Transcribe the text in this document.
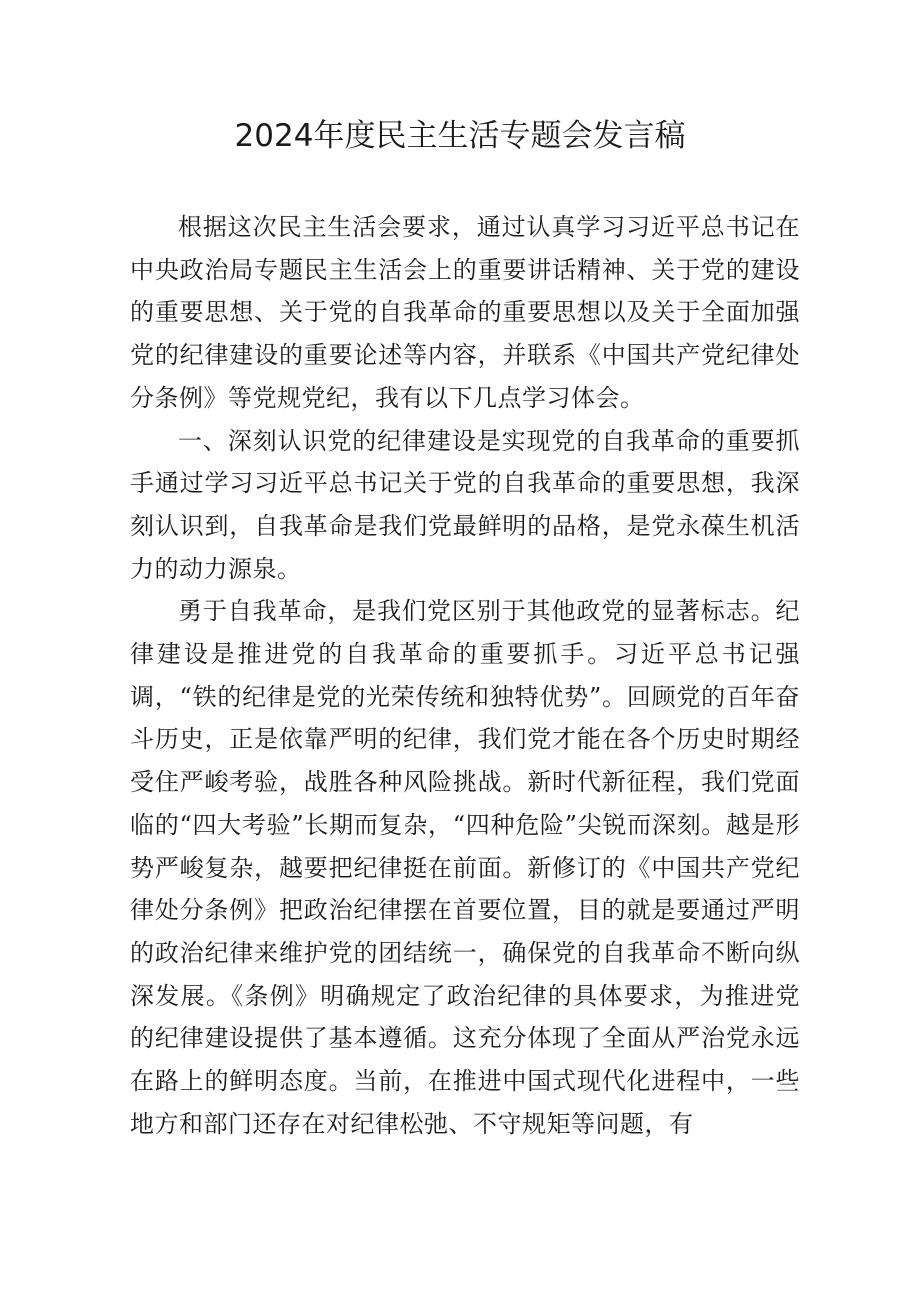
2024年度民主生活专题会发言稿

根据这次民主生活会要求，通过认真学习习近平总书记在中央政治局专题民主生活会上的重要讲话精神、关于党的建设的重要思想、关于党的自我革命的重要思想以及关于全面加强党的纪律建设的重要论述等内容，并联系《中国共产党纪律处分条例》等党规党纪，我有以下几点学习体会。

一、深刻认识党的纪律建设是实现党的自我革命的重要抓手通过学习习近平总书记关于党的自我革命的重要思想，我深刻认识到，自我革命是我们党最鲜明的品格，是党永葆生机活力的动力源泉。

勇于自我革命，是我们党区别于其他政党的显著标志。纪律建设是推进党的自我革命的重要抓手。习近平总书记强调，“铁的纪律是党的光荣传统和独特优势”。回顾党的百年奋斗历史，正是依靠严明的纪律，我们党才能在各个历史时期经受住严峻考验，战胜各种风险挑战。新时代新征程，我们党面临的“四大考验”长期而复杂，“四种危险”尖锐而深刻。越是形势严峻复杂，越要把纪律挺在前面。新修订的《中国共产党纪律处分条例》把政治纪律摆在首要位置，目的就是要通过严明的政治纪律来维护党的团结统一，确保党的自我革命不断向纵深发展。《条例》明确规定了政治纪律的具体要求，为推进党的纪律建设提供了基本遵循。这充分体现了全面从严治党永远在路上的鲜明态度。当前，在推进中国式现代化进程中，一些地方和部门还存在对纪律松弛、不守规矩等问题，有
